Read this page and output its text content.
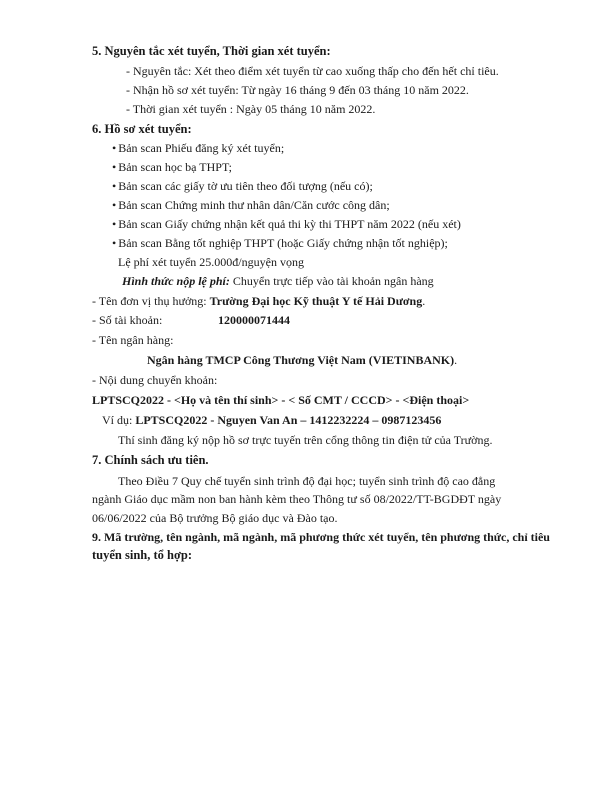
5. Nguyên tắc xét tuyển, Thời gian xét tuyển:
- Nguyên tắc: Xét theo điểm xét tuyển từ cao xuống thấp cho đến hết chỉ tiêu.
- Nhận hồ sơ xét tuyển: Từ ngày 16 tháng 9 đến 03 tháng 10 năm 2022.
- Thời gian xét tuyển : Ngày 05 tháng 10 năm 2022.
6. Hồ sơ xét tuyển:
• Bản scan Phiếu đăng ký xét tuyển;
• Bản scan học bạ THPT;
• Bản scan các giấy tờ ưu tiên theo đối tượng (nếu có);
• Bản scan Chứng minh thư nhân dân/Căn cước công dân;
• Bản scan Giấy chứng nhận kết quả thi kỳ thi THPT năm 2022 (nếu xét)
• Bản scan Bằng tốt nghiệp THPT (hoặc Giấy chứng nhận tốt nghiệp);
Lệ phí xét tuyển 25.000đ/nguyện vọng
Hình thức nộp lệ phí: Chuyển trực tiếp vào tài khoản ngân hàng
- Tên đơn vị thụ hưởng: Trường Đại học Kỹ thuật Y tế Hải Dương.
- Số tài khoản:	120000071444
- Tên ngân hàng:
Ngân hàng TMCP Công Thương Việt Nam (VIETINBANK).
- Nội dung chuyển khoản:
LPTSCQ2022 - <Họ và tên thí sinh> - < Số CMT / CCCD> - <Điện thoại>
Ví dụ: LPTSCQ2022 - Nguyen Van An – 1412232224 – 0987123456
Thí sinh đăng ký nộp hồ sơ trực tuyến trên cổng thông tin điện tử của Trường.
7. Chính sách ưu tiên.
Theo Điều 7 Quy chế tuyển sinh trình độ đại học; tuyển sinh trình độ cao đẳng
ngành Giáo dục mầm non ban hành kèm theo Thông tư số 08/2022/TT-BGDĐT ngày
06/06/2022 của Bộ trưởng Bộ giáo dục và Đào tạo.
9. Mã trường, tên ngành, mã ngành, mã phương thức xét tuyển, tên phương thức, chỉ tiêu
tuyển sinh, tổ hợp:
